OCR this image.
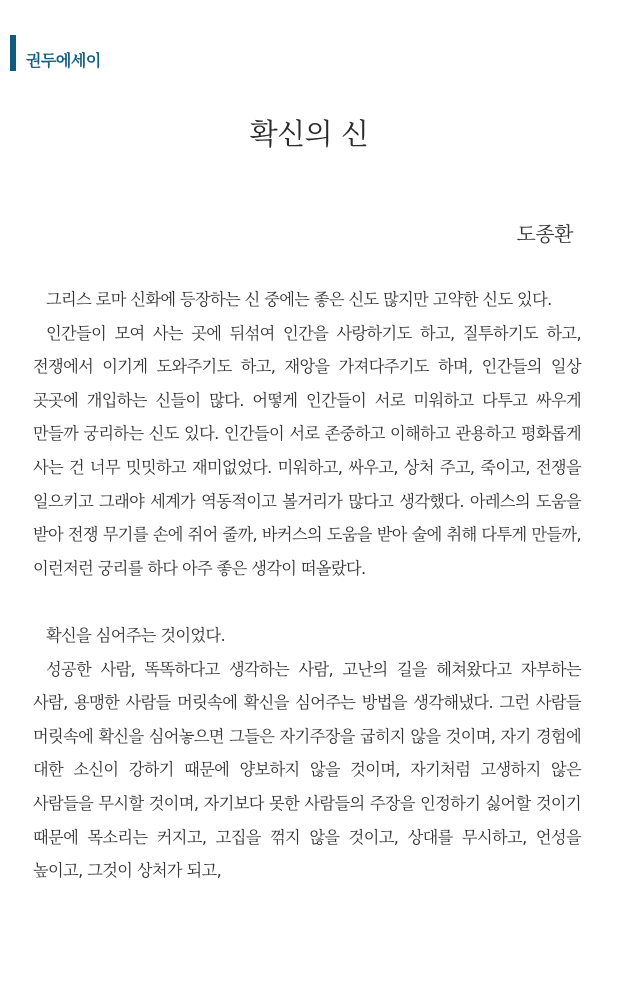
권두에세이
확신의 신
도종환

그리스 로마 신화에 등장하는 신 중에는 좋은 신도 많지만 고약한 신도 있다.

인간들이 모여 사는 곳에 뒤섞여 인간을 사랑하기도 하고, 질투하기도 하고, 전쟁에서 이기게 도와주기도 하고, 재앙을 가져다주기도 하며, 인간들의 일상 곳곳에 개입하는 신들이 많다. 어떻게 인간들이 서로 미워하고 다투고 싸우게 만들까 궁리하는 신도 있다. 인간들이 서로 존중하고 이해하고 관용하고 평화롭게 사는 건 너무 밋밋하고 재미없었다. 미워하고, 싸우고, 상처 주고, 죽이고, 전쟁을 일으키고 그래야 세계가 역동적이고 볼거리가 많다고 생각했다. 아레스의 도움을 받아 전쟁 무기를 손에 쥐어 줄까, 바커스의 도움을 받아 술에 취해 다투게 만들까, 이런저런 궁리를 하다 아주 좋은 생각이 떠올랐다.

확신을 심어주는 것이었다.

성공한 사람, 똑똑하다고 생각하는 사람, 고난의 길을 헤쳐왔다고 자부하는 사람, 용맹한 사람들 머릿속에 확신을 심어주는 방법을 생각해냈다. 그런 사람들 머릿속에 확신을 심어놓으면 그들은 자기주장을 굽히지 않을 것이며, 자기 경험에 대한 소신이 강하기 때문에 양보하지 않을 것이며, 자기처럼 고생하지 않은 사람들을 무시할 것이며, 자기보다 못한 사람들의 주장을 인정하기 싫어할 것이기 때문에 목소리는 커지고, 고집을 꺾지 않을 것이고, 상대를 무시하고, 언성을 높이고, 그것이 상처가 되고,
